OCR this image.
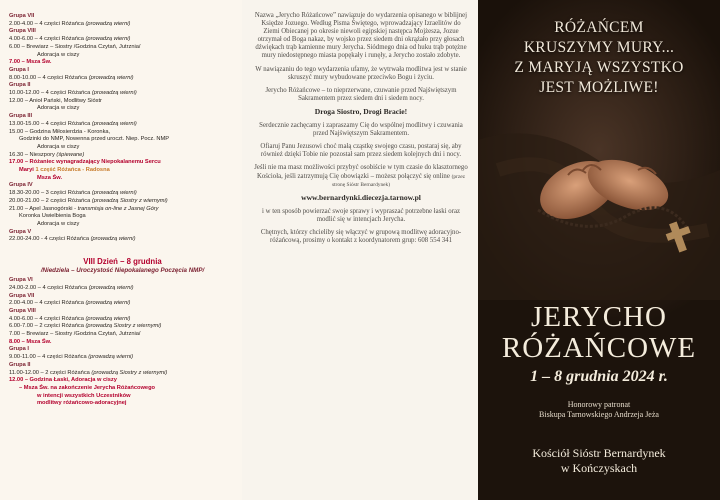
Grupa VII
2.00-4.00 – 4 części Różańca (prowadzą wierni)
Grupa VIII
4.00-6.00 – 4 części Różańca (prowadzą wierni)
6.00 – Brewiarz – Siostry /Godzina Czytań, Jutrznia/
Adoracja w ciszy
7.00 – Msza Św.
Grupa I
8.00-10.00 – 4 części Różańca (prowadzą wierni)
Grupa II
10.00-12.00 – 4 części Różańca (prowadzą wierni)
12.00 – Anioł Pański, Modlitwy Sióstr
Adoracja w ciszy
Grupa III
13.00-15.00 – 4 części Różańca (prowadzą wierni)
15.00 – Godzina Miłosierdzia - Koronka,
Godzinki do NMP, Nowenna przed uroczt. Niep. Pocz. NMP
Adoracja w ciszy
16.30 – Nieszpory (śpiewane)
17.00 – Różaniec wynagradzający Niepokalanemu Sercu
Maryi 1 część Różańca - Radosna
Msza Św.
Grupa IV
18.30-20.00 – 3 części Różańca (prowadzą wierni)
20.00-21.00 – 2 części Różańca (prowadzą Siostry z wiernymi)
21.00 – Apel Jasnogórski - transmisja on-line z Jasnej Góry
Koronka Uwielbienia Boga
Adoracja w ciszy
Grupa V
22.00-24.00 - 4 części Różańca (prowadzą wierni)
VIII Dzień – 8 grudnia
/Niedziela – Uroczystość Niepokalanego Poczęcia NMP/
Grupa VI
24.00-2.00 – 4 części Różańca (prowadzą wierni)
Grupa VII
2.00-4.00 – 4 części Różańca (prowadzą wierni)
Grupa VIII
4.00-6.00 – 4 części Różańca (prowadzą wierni)
6.00-7.00 – 2 części Różańca (prowadzą Siostry z wiernymi)
7.00 – Brewiarz – Siostry /Godzina Czytań, Jutrznia/
8.00 – Msza Św.
Grupa I
9.00-11.00 – 4 części Różańca (prowadzą wierni)
Grupa II
11.00-12.00 – 2 części Różańca (prowadzą Siostry z wiernymi)
12.00 – Godzina Łaski, Adoracja w ciszy
– Msza Św. na zakończenie Jerycha Różańcowego
w intencji wszystkich Uczestników
modlitwy różańcowo-adoracyjnej

Nazwa „Jerycho Różańcowe” nawiązuje do wydarzenia opisanego w biblijnej Księdze Jozuego. Według Pisma Świętego, wprowadzający Izraelitów do Ziemi Obiecanej po okresie niewoli egipskiej następca Mojżesza, Jozue otrzymał od Boga nakaz, by wojsko przez siedem dni okrążało przy głosach dźwiękach trąb kamienne mury Jerycha. Siódmego dnia od huku trąb potężne mury niedostępnego miasta popękały i runęły, a Jerycho zostało zdobyte.

W nawiązaniu do tego wydarzenia ufamy, że wytrwała modlitwa jest w stanie skruszyć mury wybudowane przeciwko Bogu i życiu.

Jerycho Różańcowe – to nieprzerwane, czuwanie przed Najświętszym Sakramentem przez siedem dni i siedem nocy.

Droga Siostro, Drogi Bracie!

Serdecznie zachęcamy i zapraszamy Cię do wspólnej modlitwy i czuwania przed Najświętszym Sakramentem.

Ofiaruj Panu Jezusowi choć małą cząstkę swojego czasu, postaraj się, aby również dzięki Tobie nie pozostał sam przez siedem kolejnych dni i nocy.

Jeśli nie ma masz możliwości przybyć osobiście w tym czasie do klasztornego Kościoła, jeśli zatrzymują Cię obowiązki – możesz połączyć się online (przez stronę Sióstr Bernardynek)

www.bernardynki.diecezja.tarnow.pl

i w ten sposób powierzać swoje sprawy i wypraszać potrzebne łaski oraz modlić się w intencjach Jerycha.

Chętnych, którzy chcieliby się włączyć w grupową modlitwę adoracyjno-różańcową, prosimy o kontakt z koordynatorem grup: 608 554 341

RÓŻAŃCEM
KRUSZYMY MURY...
Z MARYJĄ WSZYSTKO
JEST MOŻLIWE!
JERYCHO
RÓŻAŃCOWE
1 – 8 grudnia 2024 r.
Honorowy patronat
Biskupa Tarnowskiego Andrzeja Jeża
Kościół Sióstr Bernardynek
w Kończyskach
